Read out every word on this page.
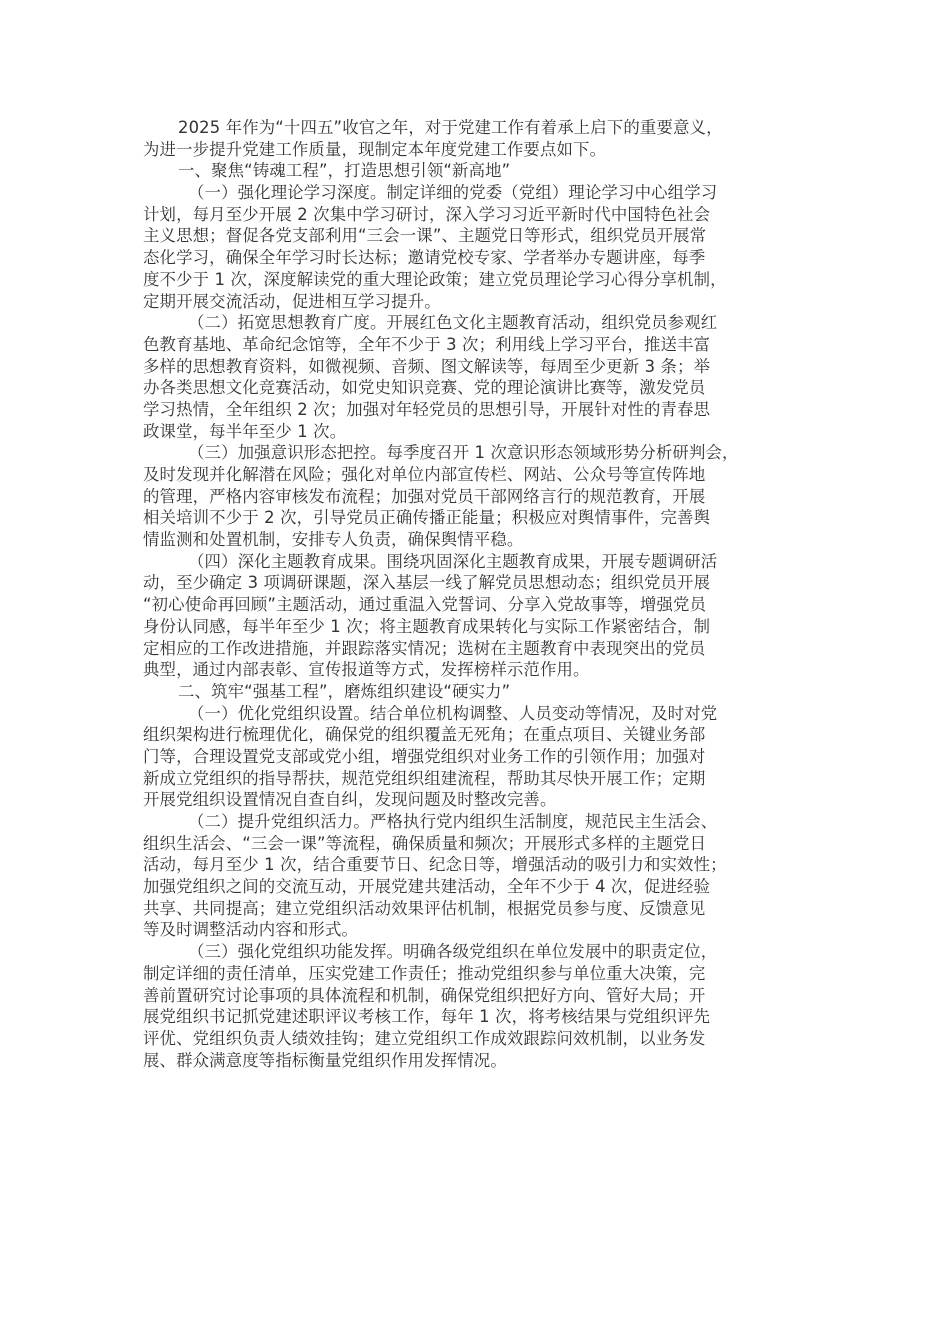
2025 年作为“十四五”收官之年，对于党建工作有着承上启下的重要意义，
为进一步提升党建工作质量，现制定本年度党建工作要点如下。
一、聚焦“铸魂工程”，打造思想引领“新高地”
（一）强化理论学习深度。制定详细的党委（党组）理论学习中心组学习
计划，每月至少开展 2 次集中学习研讨，深入学习习近平新时代中国特色社会
主义思想；督促各党支部利用“三会一课”、主题党日等形式，组织党员开展常
态化学习，确保全年学习时长达标；邀请党校专家、学者举办专题讲座，每季
度不少于 1 次，深度解读党的重大理论政策；建立党员理论学习心得分享机制，
定期开展交流活动，促进相互学习提升。
（二）拓宽思想教育广度。开展红色文化主题教育活动，组织党员参观红
色教育基地、革命纪念馆等，全年不少于 3 次；利用线上学习平台，推送丰富
多样的思想教育资料，如微视频、音频、图文解读等，每周至少更新 3 条；举
办各类思想文化竞赛活动，如党史知识竞赛、党的理论演讲比赛等，激发党员
学习热情，全年组织 2 次；加强对年轻党员的思想引导，开展针对性的青春思
政课堂，每半年至少 1 次。
（三）加强意识形态把控。每季度召开 1 次意识形态领域形势分析研判会，
及时发现并化解潜在风险；强化对单位内部宣传栏、网站、公众号等宣传阵地
的管理，严格内容审核发布流程；加强对党员干部网络言行的规范教育，开展
相关培训不少于 2 次，引导党员正确传播正能量；积极应对舆情事件，完善舆
情监测和处置机制，安排专人负责，确保舆情平稳。
（四）深化主题教育成果。围绕巩固深化主题教育成果，开展专题调研活
动，至少确定 3 项调研课题，深入基层一线了解党员思想动态；组织党员开展
“初心使命再回顾”主题活动，通过重温入党誓词、分享入党故事等，增强党员
身份认同感，每半年至少 1 次；将主题教育成果转化与实际工作紧密结合，制
定相应的工作改进措施，并跟踪落实情况；选树在主题教育中表现突出的党员
典型，通过内部表彰、宣传报道等方式，发挥榜样示范作用。
二、筑牢“强基工程”，磨炼组织建设“硬实力”
（一）优化党组织设置。结合单位机构调整、人员变动等情况，及时对党
组织架构进行梳理优化，确保党的组织覆盖无死角；在重点项目、关键业务部
门等，合理设置党支部或党小组，增强党组织对业务工作的引领作用；加强对
新成立党组织的指导帮扶，规范党组织组建流程，帮助其尽快开展工作；定期
开展党组织设置情况自查自纠，发现问题及时整改完善。
（二）提升党组织活力。严格执行党内组织生活制度，规范民主生活会、
组织生活会、“三会一课”等流程，确保质量和频次；开展形式多样的主题党日
活动，每月至少 1 次，结合重要节日、纪念日等，增强活动的吸引力和实效性；
加强党组织之间的交流互动，开展党建共建活动，全年不少于 4 次，促进经验
共享、共同提高；建立党组织活动效果评估机制，根据党员参与度、反馈意见
等及时调整活动内容和形式。
（三）强化党组织功能发挥。明确各级党组织在单位发展中的职责定位，
制定详细的责任清单，压实党建工作责任；推动党组织参与单位重大决策，完
善前置研究讨论事项的具体流程和机制，确保党组织把好方向、管好大局；开
展党组织书记抓党建述职评议考核工作，每年 1 次，将考核结果与党组织评先
评优、党组织负责人绩效挂钩；建立党组织工作成效跟踪问效机制，以业务发
展、群众满意度等指标衡量党组织作用发挥情况。
